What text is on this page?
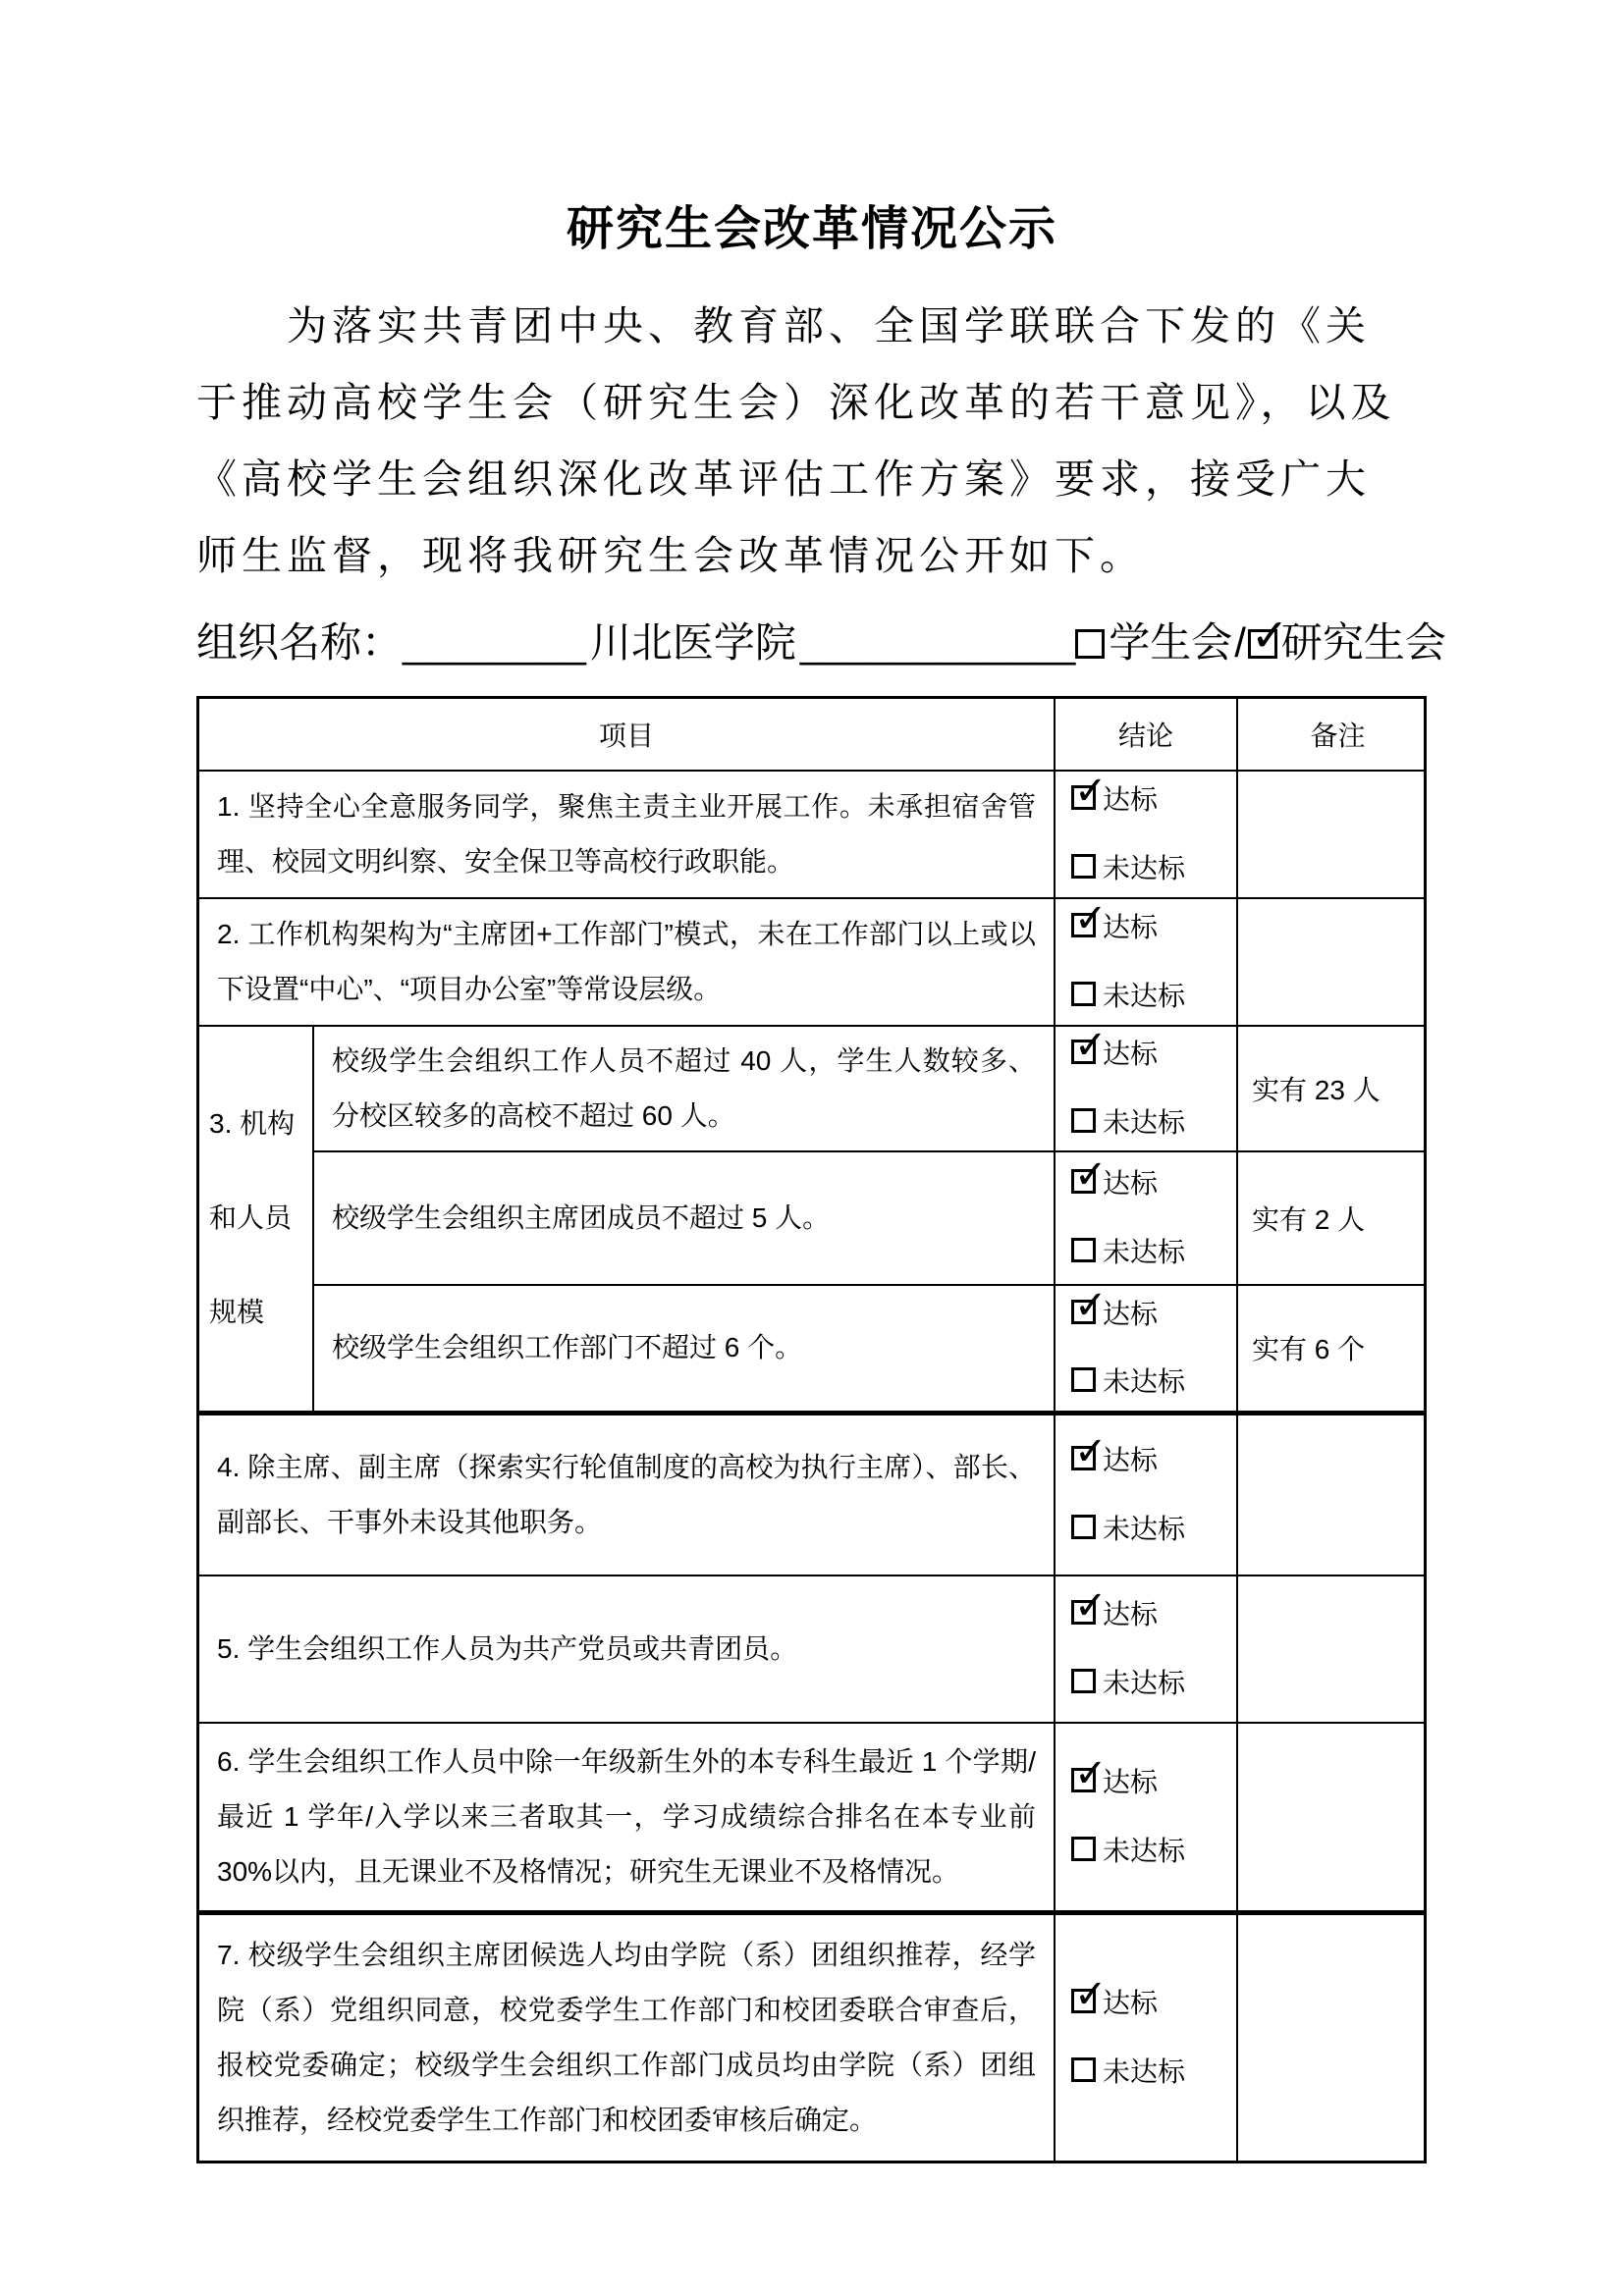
研究生会改革情况公示
为落实共青团中央、教育部、全国学联联合下发的《关
于推动高校学生会（研究生会）深化改革的若干意见》，以及
《高校学生会组织深化改革评估工作方案》要求，接受广大
师生监督，现将我研究生会改革情况公开如下。
组织名称：________川北医学院____________ 学生会/ ✓ 研究生会
项目	结论	备注
1. 坚持全心全意服务同学，聚焦主责主业开展工作。未承担宿舍管理、校园文明纠察、安全保卫等高校行政职能。
✓达标
未达标
2. 工作机构架构为“主席团+工作部门”模式，未在工作部门以上或以下设置“中心”、“项目办公室”等常设层级。
✓达标
未达标
3. 机构
和人员
规模
校级学生会组织工作人员不超过 40 人，学生人数较多、分校区较多的高校不超过 60 人。
✓达标
未达标
实有 23 人
校级学生会组织主席团成员不超过 5 人。
✓达标
未达标
实有 2 人
校级学生会组织工作部门不超过 6 个。
✓达标
未达标
实有 6 个
4. 除主席、副主席（探索实行轮值制度的高校为执行主席）、部长、副部长、干事外未设其他职务。
✓达标
未达标
5. 学生会组织工作人员为共产党员或共青团员。
✓达标
未达标
6. 学生会组织工作人员中除一年级新生外的本专科生最近 1 个学期/最近 1 学年/入学以来三者取其一，学习成绩综合排名在本专业前 30%以内，且无课业不及格情况；研究生无课业不及格情况。
✓达标
未达标
7. 校级学生会组织主席团候选人均由学院（系）团组织推荐，经学院（系）党组织同意，校党委学生工作部门和校团委联合审查后，报校党委确定；校级学生会组织工作部门成员均由学院（系）团组织推荐，经校党委学生工作部门和校团委审核后确定。
✓达标
未达标
